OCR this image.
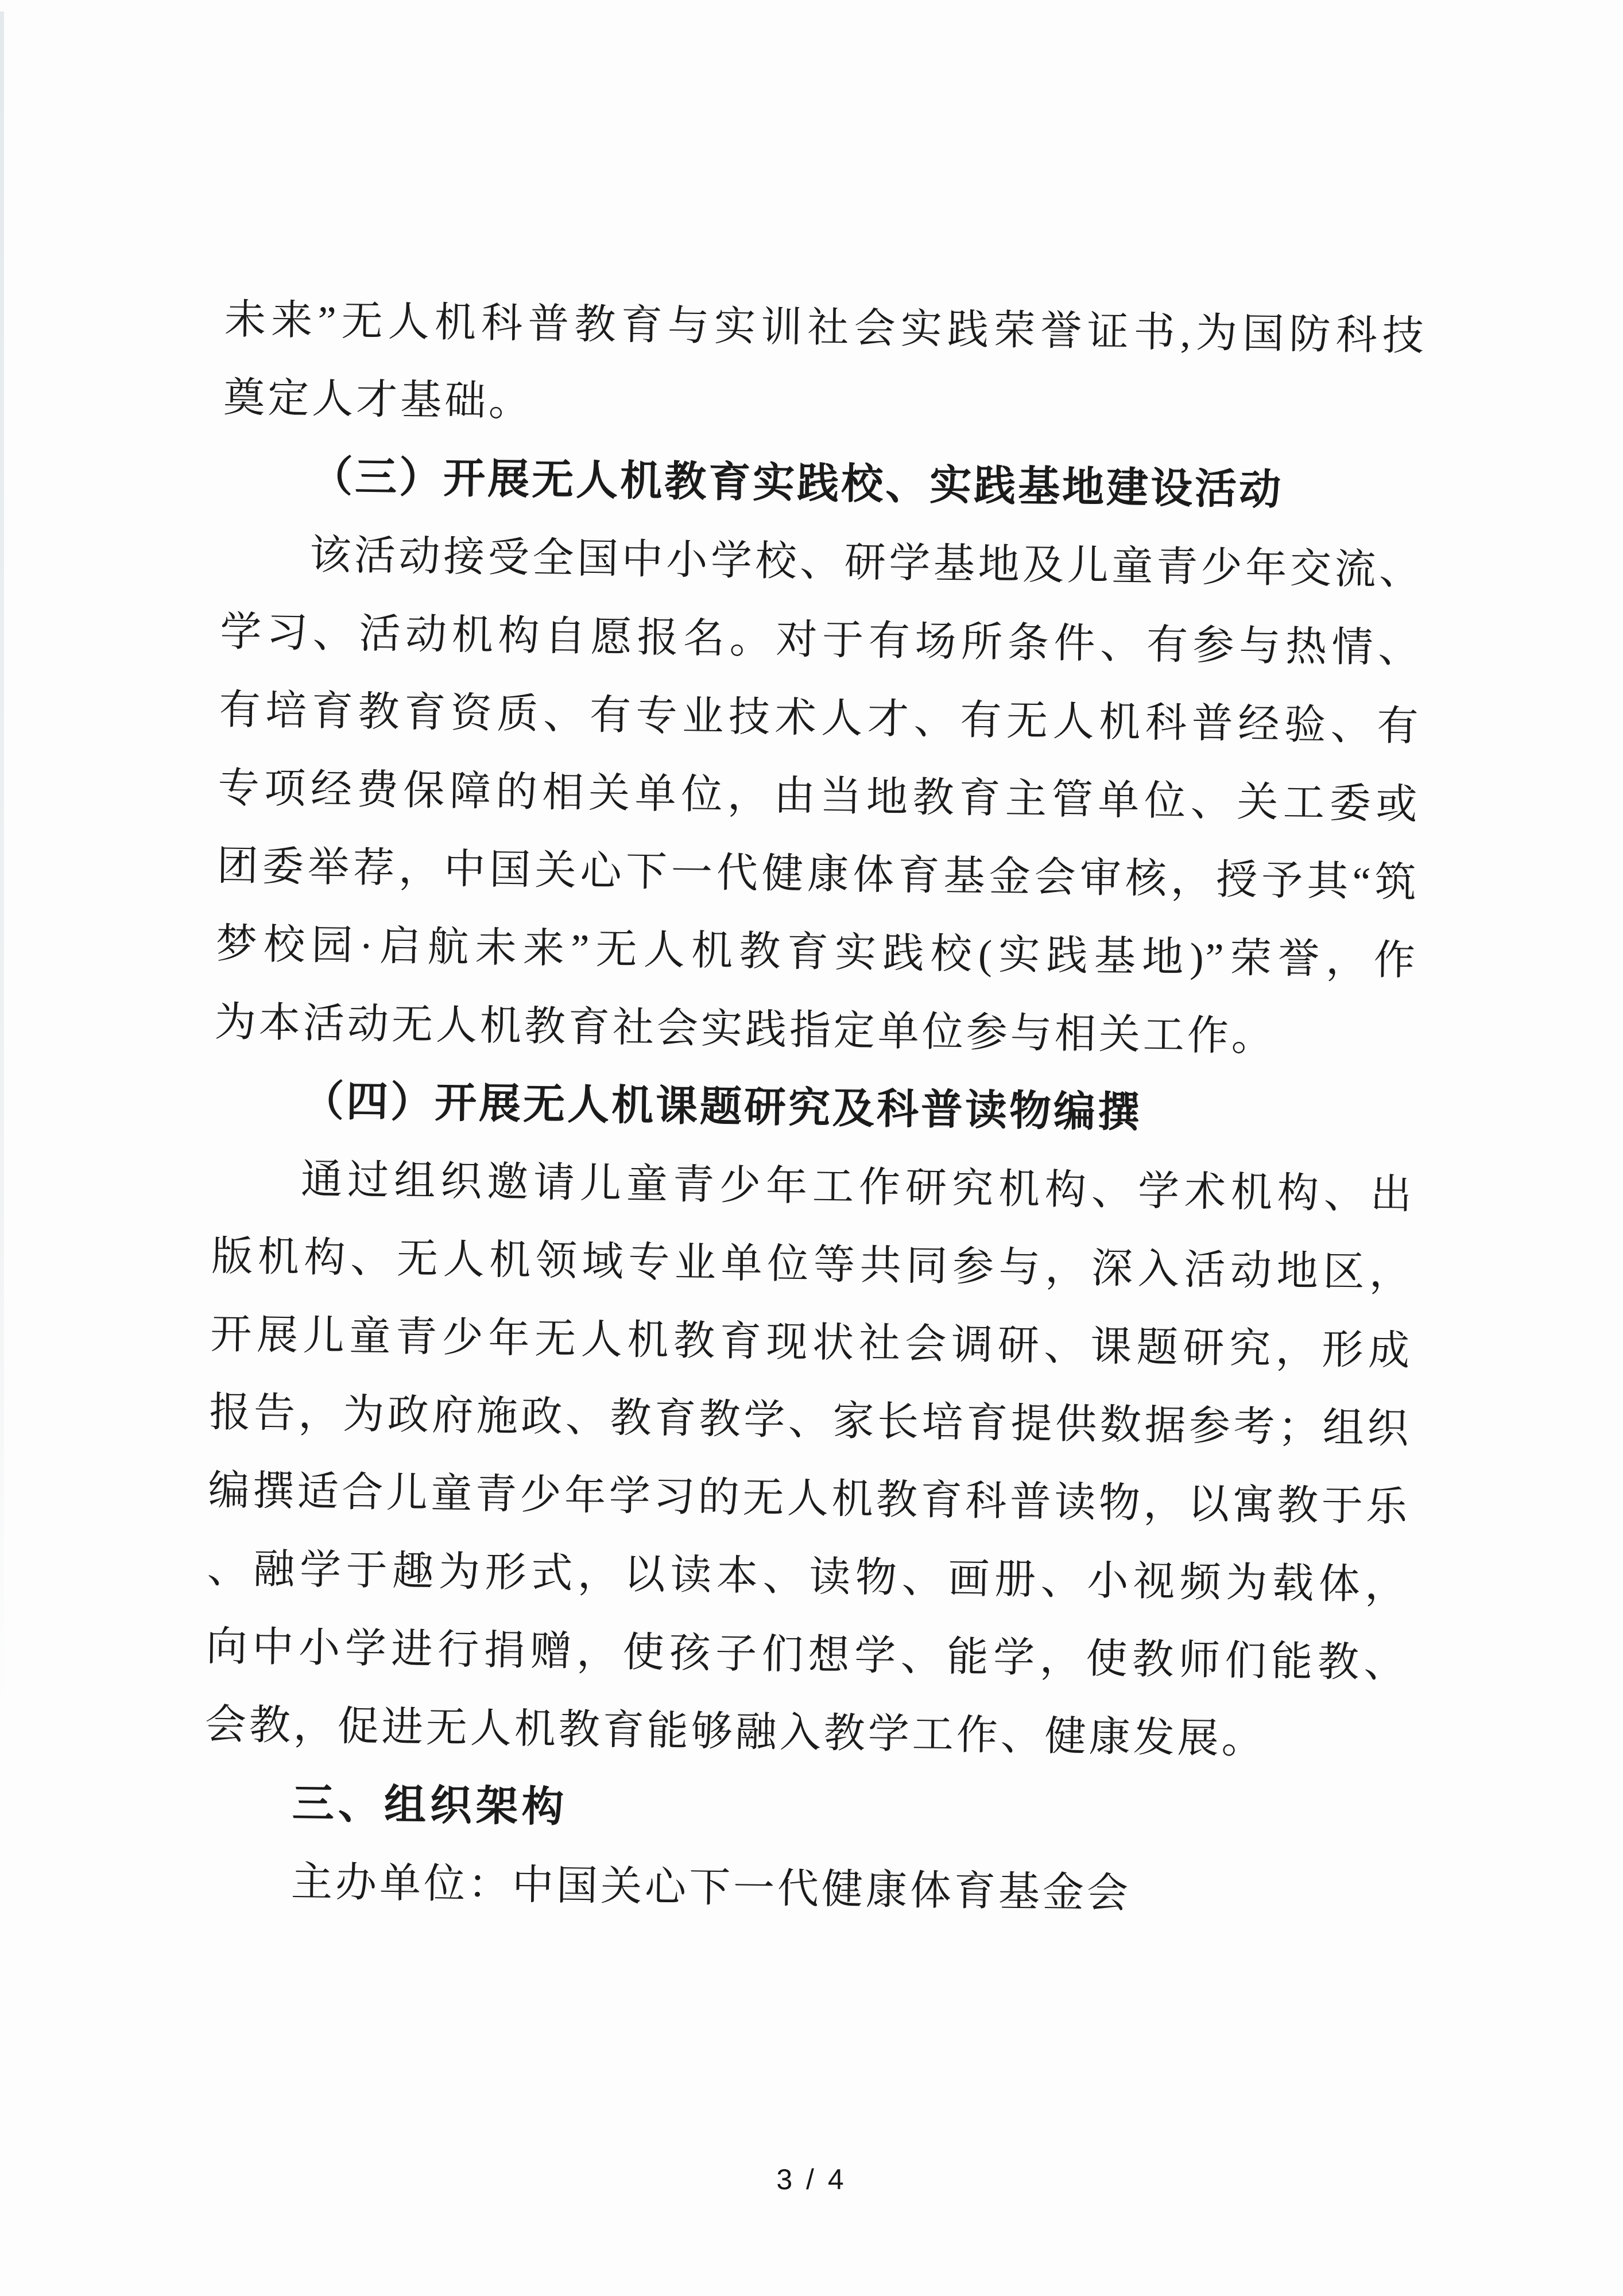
未来”无人机科普教育与实训社会实践荣誉证书,为国防科技
奠定人才基础。
（三）开展无人机教育实践校、实践基地建设活动
该活动接受全国中小学校、研学基地及儿童青少年交流、
学习、活动机构自愿报名。对于有场所条件、有参与热情、
有培育教育资质、有专业技术人才、有无人机科普经验、有
专项经费保障的相关单位，由当地教育主管单位、关工委或
团委举荐，中国关心下一代健康体育基金会审核，授予其“筑
梦校园·启航未来”无人机教育实践校(实践基地)”荣誉，作
为本活动无人机教育社会实践指定单位参与相关工作。
（四）开展无人机课题研究及科普读物编撰
通过组织邀请儿童青少年工作研究机构、学术机构、出
版机构、无人机领域专业单位等共同参与，深入活动地区，
开展儿童青少年无人机教育现状社会调研、课题研究，形成
报告，为政府施政、教育教学、家长培育提供数据参考；组织
编撰适合儿童青少年学习的无人机教育科普读物，以寓教于乐
、融学于趣为形式，以读本、读物、画册、小视频为载体，
向中小学进行捐赠，使孩子们想学、能学，使教师们能教、
会教，促进无人机教育能够融入教学工作、健康发展。
三、组织架构
主办单位：中国关心下一代健康体育基金会
3 / 4
